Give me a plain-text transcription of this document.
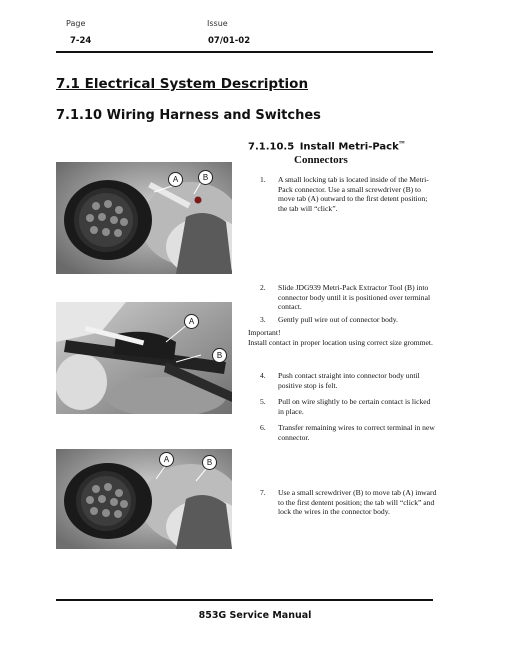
Page
7-24
Issue
07/01-02
7.1 Electrical System Description
7.1.10 Wiring Harness and Switches
7.1.10.5 Install Metri-Pack™
Connectors
1. A small locking tab is located inside of the Metri-Pack connector. Use a small screwdriver (B) to move tab (A) outward to the first detent position; the tab will “click”.
2. Slide JDG939 Metri-Pack Extractor Tool (B) into connector body until it is positioned over terminal contact.
3. Gently pull wire out of connector body.
Important!
Install contact in proper location using correct size grommet.
4. Push contact straight into connector body until positive stop is felt.
5. Pull on wire slightly to be certain contact is licked in place.
6. Transfer remaining wires to correct terminal in new connector.
7. Use a small screwdriver (B) to move tab (A) inward to the first dentent position; the tab will “click” and lock the wires in the connector body.
A	B
A
B
A	B
853G Service Manual
